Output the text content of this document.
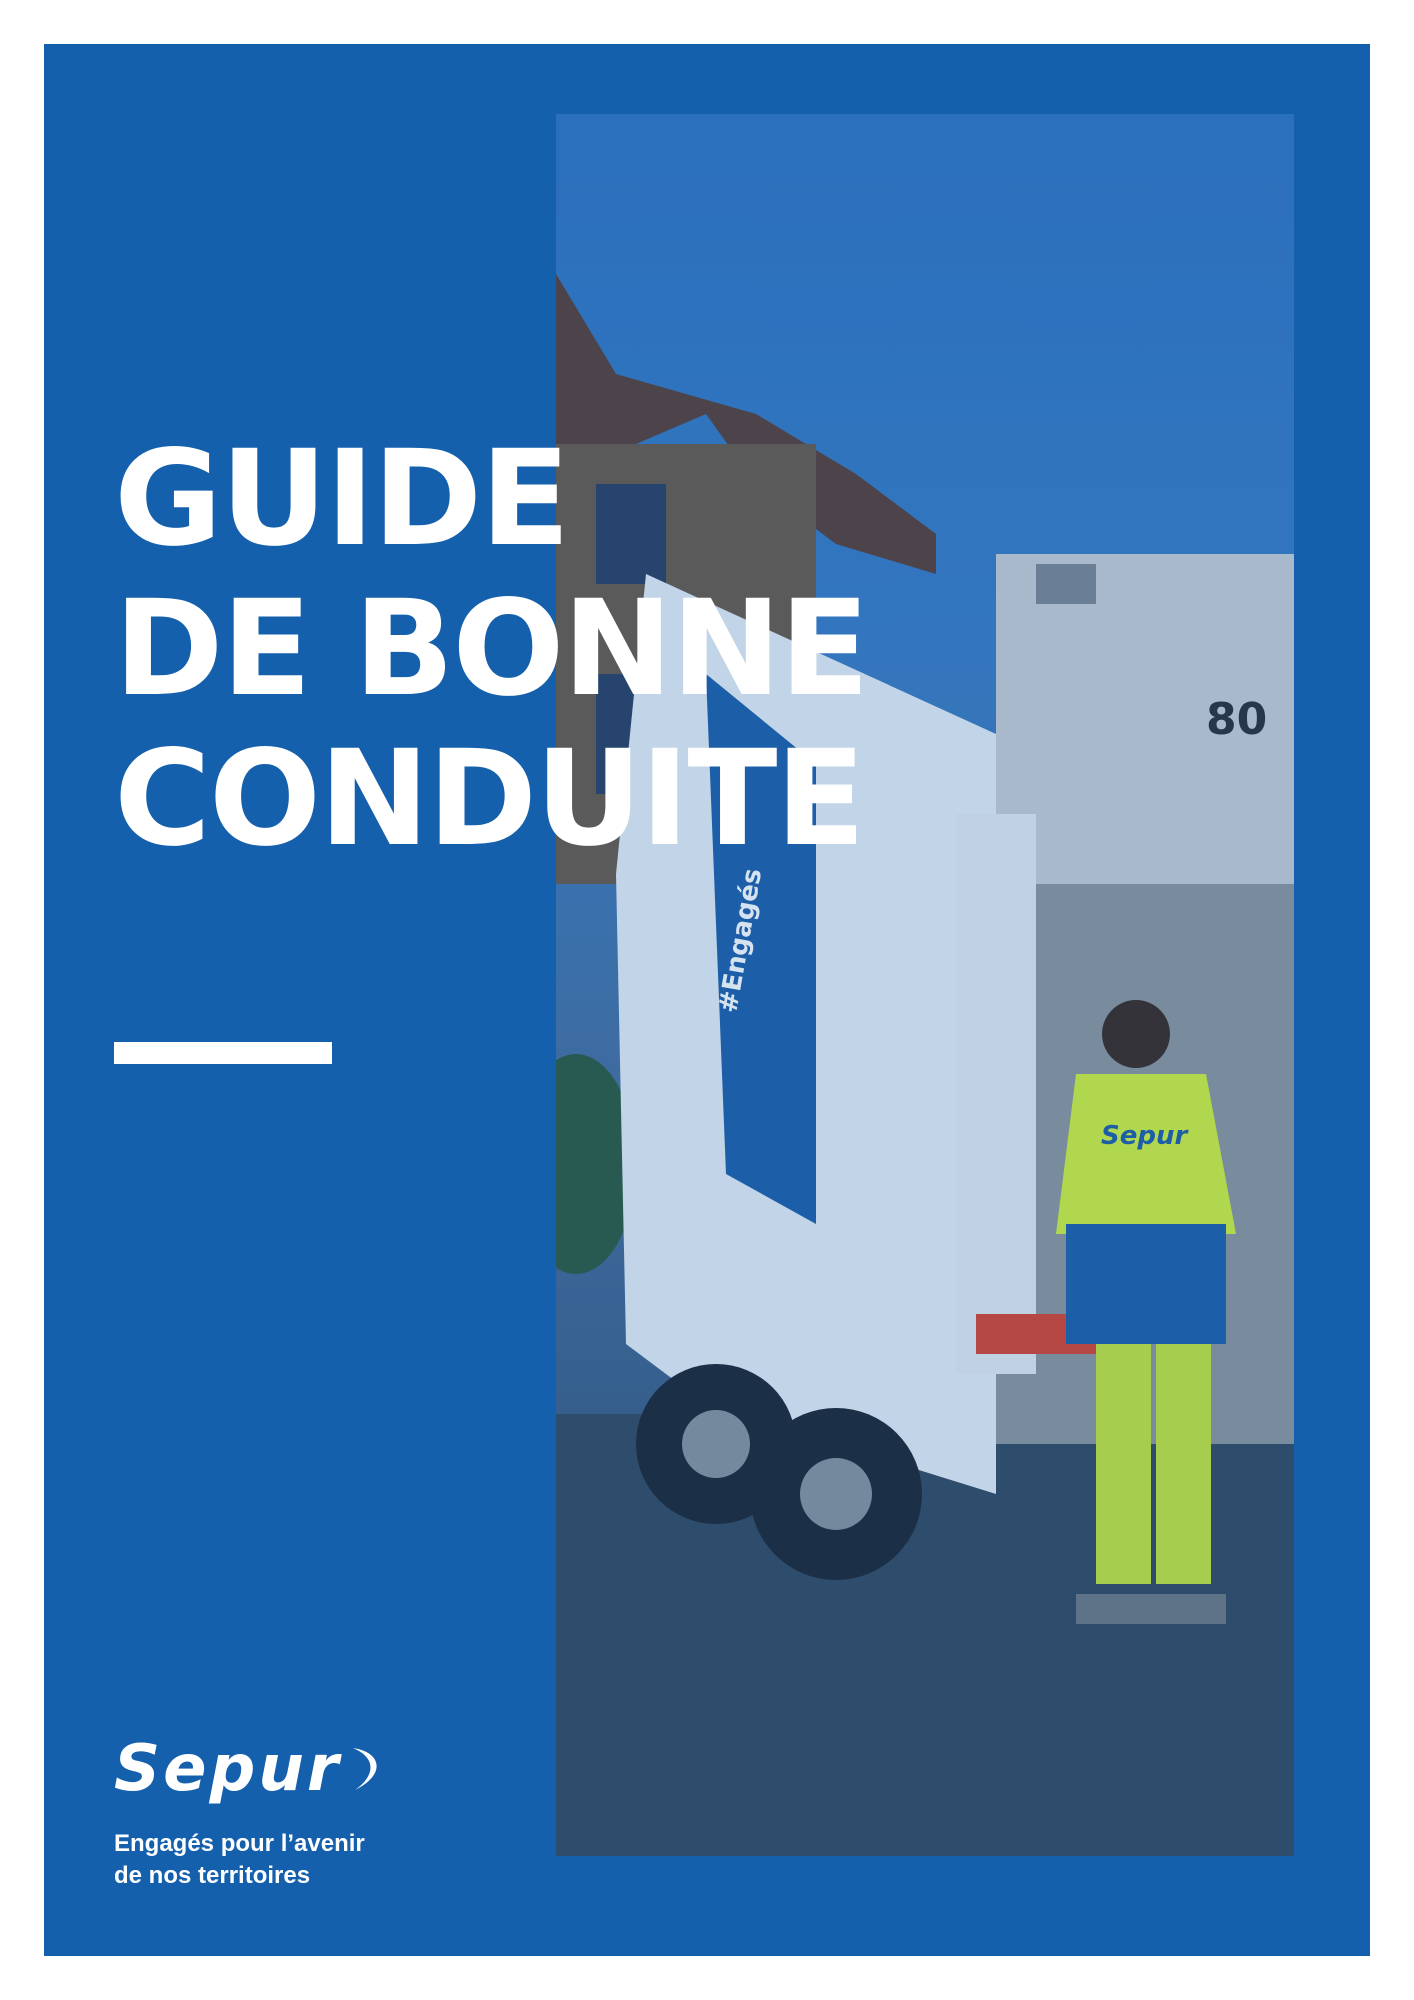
#Engagés
80
Sepur
GUIDE
DE BONNE
CONDUITE
Sepur
Engagés pour l’avenir
de nos territoires
